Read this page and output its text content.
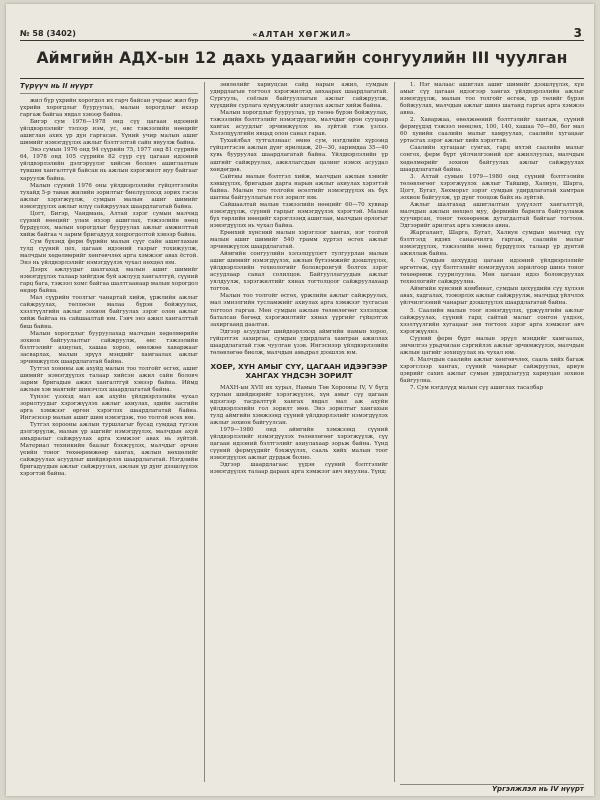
№ 58 (3402)	«АЛТАН ХӨГЖИЛ»	3
Аймгийн АДХ-ын 12 дахь удаагийн сонгуулийн III чуулган
Түрүүч нь II нүүрт

жил бүр үхрийн хорогдол их гарч байсан учраас жил бүр үхрийн хорогдлыг бууруулах, малын хорогдлыг ихээр гаргаж байгаа явдал хэвээр байна.

Бигэр сум 1976—1978 онд сүү цагаан идээний үйлдвэрлэлийг тэлээр нэм, ус, өвс тэжээлийн нөөцийг ашиглан ахих үр дүн гаргасан. Үүний учир малын ашиг шимийг нэмэгдүүлэх ажлыг бэлтгэлтэй сайн явуулж байна.

Энэ сумын 1976 онд 94 сүүрийн 75, 1977 онд 81 сүүрийн 64, 1978 онд 105 сүүрийн 82 сүүр сүү цагаан идээний үйлдвэрлэлийн дэлгэрүүлэг хийсэн боловч ашиглалтын түвшин хангалтгүй байсан нь ажлын хэрэгжилт муу байгааг харуулж байна.

Малын сүүний 1976 оны үйлдвэрлэлийн гүйцэтгэлийн тухайд 5-р таван жилийн зорилтыг биелүүлэхэд зорих гэсэн ажлыг хэрэгжүүлж, сумдын малын ашиг шимийг нэмэгдүүлэх ажлыг илүү сайжруулах шаардлагатай байна.

Цогт, Бигэр, Чандмань, Алтай зэрэг сумын малчид сүүний нөөцийг улам ихээр ашиглах, тэжээлийн нөөц бүрдүүлэх, малын хорогдлыг бууруулах ажлыг амжилттай хийж байгаа ч зарим бригадууд хоцрогдолтой хэвээр байна.

Сум бүхэнд ферм бүрийн малын сүүг сайн ашиглахын тулд сүүний цех, цагаан идээний газрыг тохижуулж, малчдын хөдөлмөрийг хөнгөвчлөх арга хэмжээг авах ёстой. Энэ нь үйлдвэрлэлийг нэмэгдүүлэх чухал нөхцөл юм.

Дээрх ажлуудыг шалгахад малын ашиг шимийг нэмэгдүүлэх талаар хийгдэж буй ажлууд хангалтгүй, сүүний гарц бага, тэжээл хомс байгаа шалтгаанаар малын хорогдол өндөр байна.

Мал сүүрийн тоолгыг чанартай хийж, үржлийн ажлыг сайжруулах, төллөсөн малаа бүрэн бойжуулах, хээлтүүлгийн ажлыг зохион байгуулах зэрэг олон ажлыг хийж байгаа нь сайшаалтай юм. Гэвч энэ ажил хангалттай биш байна.

Малын хорогдлыг бууруулахад малчдын хөдөлмөрийн зохион байгуулалтыг сайжруулж, өвс тэжээлийн бэлтгэлийг ахиулах, хашаа хороо, өвөлжөө хаваржааг засварлах, малын эрүүл мэндийг хамгаалах ажлыг эрчимжүүлэх шаардлагатай байна.

Тутгэл хонины аж ахуйд малын тоо толгойг өсгөх, ашиг шимийг нэмэгдүүлэх талаар хийсэн ажил сайн боловч зарим бригадын ажил хангалтгүй хэвээр байна. Иймд ажлын хэв маягийг шинэчлэх шаардлагатай байна.

Үүнээс үзэхэд мал аж ахуйн үйлдвэрлэлийн чухал зорилтуудыг хэрэгжүүлэх ажлыг ахиулах, эдийн засгийн арга хэмжээг өргөн хэрэглэх шаардлагатай байна. Ингэснээр малын ашиг шим нэмэгдэж, тоо толгой өсөх юм.

Тутгэл хорооны ажлын туршлагыг бусад сумдад түгээн дэлгэрүүлж, малын үр ашгийг нэмэгдүүлэх, малчдын ахуй амьдралыг сайжруулах арга хэмжээг авах нь зүйтэй. Материал техникийн баазыг бэхжүүлэх, малчдыг орчин үеийн тоног төхөөрөмжөөр хангах, ажлын нөхцөлийг сайжруулах асуудлыг шийдвэрлэх шаардлагатай. Нэгдлийн бригадуудын ажлыг сайжруулах, ажлын үр дүнг дээшлүүлэх хэрэгтэй байна.

зөвлөлийг хариуцсан сайд нарын ажил, сумдын удирдлагын тогтоол хэрэгжилтэд анхаарах шаардлагатай. Сургууль, соёлын байгууллагын ажлыг сайжруулж, хүүхдийн сурлага хүмүүжлийг ахиулах ажлыг хийж байна.

Малын хорогдлыг бууруулах, үр төлөө бүрэн бойжуулах, тэжээлийн бэлтгэлийг нэмэгдүүлэх, малчдыг орон сууцаар хангах асуудлыг эрчимжүүлэх нь зүйтэй гэж үзлээ. Хэлэлцүүлгийн явцад олон санал гарав.

Тухайлбал тутгалзнаас өмнө сум, нэгдлийн хүрээнд гүйцэтгэсэн ажлын дүнг ярилцаж, 20—30, заримдаа 35—40 хувь бууруулах шаардлагатай байна. Үйлдвэрлэлийн үр ашгийг сайжруулах, ажиллагсдын цалинг нэмэх асуудал хөндөгдөв.

Сайтны малын бэлтгэл хийж, малчдын ажлын хэвийг хэвшүүлэх, бригадын дарга нарын ажлыг ахиулах хэрэгтэй байна. Малын тоо толгойн өсөлтийг нэмэгдүүлэх нь бүх шатны байгууллагын гол зорилт юм.

Сайшаалтай малын тэжээлийн нөөцийг 60—70 хувиар нэмэгдүүлж, сүүний гарцыг нэмэгдүүлэх хэрэгтэй. Малын бүх төрлийн нөөцийг хэрэглээнд ашиглан, малчдын орлогыг нэмэгдүүлэх нь чухал байна.

Ерөнхий хүнсний малын хэрэглээг хангах, нэг толгой малын ашиг шимийг 540 грамм хүртэл өсгөх ажлыг эрчимжүүлэх шаардлагатай.

Аймгийн сонгуулийн хэлэлцүүлэгт тулгуурлан малын ашиг шимийг нэмэгдүүлэх, ажлын бүтээмжийг дээшлүүлэх, үйлдвэрлэлийн технологийг боловсронгуй болгох зэрэг асуудлаар санал солилцов. Байгууллагуудын ажлыг уялдуулж, хэрэгжилтийг хянах тогтолцоог сайжруулахаар тогтов.

Малын тоо толгойг өсгөх, үржлийн ажлыг сайжруулах, мал эмнэлгийн тусламжийг ахиулах арга хэмжээг тусгасан тогтоол гаргав. Мөн сумдын ажлын төлөвлөгөөг хэлэлцэж баталсан бөгөөд хэрэгжилтийг хянах үүргийг гүйцэтгэх захиргаанд даалгав.

Эдгээр асуудлыг шийдвэрлэхэд аймгийн намын хороо, гүйцэтгэх захиргаа, сумдын удирдлага хамтран ажиллах шаардлагатай гэж чуулган үзэв. Ингэснээр үйлдвэрлэлийн төлөвлөгөө биелж, малчдын амьдрал дээшлэх юм.

ХОЕР, ХҮН АМЫГ СҮҮ, ЦАГААН ИДЭЭГЭЭР ХАНГАХ ҮНДСЭН ЗОРИЛТ

МАХН-ын XVII их хурал, Намын Төв Хорооны IV, V бүгд хурлын шийдвэрийг хэрэгжүүлэх, хүн амыг сүү цагаан идээгээр тасралтгүй хангах явдал мал аж ахуйн үйлдвэрлэлийн гол зорилт мөн. Энэ зорилтыг хангахын тулд аймгийн хэмжээнд сүүний үйлдвэрлэлийг нэмэгдүүлэх ажлыг зохион байгуулсан.

1979—1980 онд аймгийн хэмжээнд сүүний үйлдвэрлэлийг нэмэгдүүлэх төлөвлөгөөг хэрэгжүүлж, сүү цагаан идээний бэлтгэлийг ахиулахаар зорьж байна. Үүнд сүүний фермүүдийг бэхжүүлэх, сааль хийх малын тоог нэмэгдүүлэх ажлыг дурдаж болно.

Эдгээр шаардлагаас үүдэн сүүний бэлтгэлийг нэмэгдүүлэх талаар дараах арга хэмжээг авч явуулна. Үүнд:

1. Нэг малаас ашиглах ашиг шимийг дээшлүүлэх, хүн амыг сүү цагаан идээгээр хангах үйлдвэрлэлийн ажлыг нэмэгдүүлж, малын тоо толгойг өсгөж, үр төлийг бүрэн бойжуулах, малчдын ажлыг шинэ шатанд гаргах арга хэмжээ авна.

2. Хаваржаа, өвөлжөөний бэлтгэлийг хангаж, сүүний фермүүдэд тэжээл нөөцлөх, 100, 140, хашаа 70—80, бог мал 60 хувийн саалийн малыг хамруулах, саалийн хугацааг уртасгах зэрэг ажлыг хийх хэрэгтэй.

Саалийн хугацааг сунгах, гарц ихтэй саалийн малыг сонгох, ферм бүрт үйлчилгээний цэг ажиллуулах, малчдын хөдөлмөрийг зохион байгуулах ажлыг сайжруулах шаардлагатай байна.

3. Алтай сумын 1979—1980 онд сүүний бэлтгэлийн төлөвлөгөөг хэрэгжүүлэх ажлыг Тайшир, Халиун, Шарга, Цогт, Бугат, Хөхморьт зэрэг сумдын удирдлагатай хамтран зохион байгуулж, үр дүнг тооцож байх нь зүйтэй.

Ажлыг шалгахад ашиглалтын үзүүлэлт хангалтгүй, малчдын ажлын нөхцөл муу, фермийн барилга байгууламж хуучирсан, тоног төхөөрөмж дутагдалтай байгааг тогтоов. Эдгээрийг арилгах арга хэмжээ авна.

Жаргалант, Шарга, Бугат, Халиун сумдын малчид сүү бэлтгэлд идэвх санаачилга гаргаж, саалийн малыг нэмэгдүүлэх, тэжээлийн нөөц бүрдүүлэх талаар үр дүнтэй ажиллаж байна.

4. Сумдын цехүүдэд цагаан идээний үйлдвэрлэлийг өргөтгөж, сүү бэлтгэлийг нэмэгдүүлэх зорилгоор шинэ тоног төхөөрөмж суурилуулна. Мөн цагаан идээ боловсруулах технологийг сайжруулна.

Аймгийн хүнсний комбинат, сумдын цехүүдийн сүү хүлээн авах, хадгалах, тээвэрлэх ажлыг сайжруулж, малчдад үйлчлэх үйлчилгээний чанарыг дээшлүүлэх шаардлагатай байна.

5. Саалийн малын тоог нэмэгдүүлэх, үржүүлгийн ажлыг сайжруулах, сүүний гарц сайтай малыг сонгон үлдээх, хээлтүүлгийн хугацааг зөв тогтоох зэрэг арга хэмжээг авч хэрэгжүүлнэ.

Сүүний ферм бүрт малын эрүүл мэндийг хамгаалах, эмчилгээ урьдчилан сэргийлэх ажлыг эрчимжүүлэх, малчдын ажлын цагийг зохицуулах нь чухал юм.

6. Малчдын саалийн ажлыг хөнгөвчлөх, сааль хийх багаж хэрэгслээр хангах, сүүний чанарыг сайжруулах, ариун цэврийг сахих ажлыг сумын удирдлагууд хариуцан зохион байгуулна.

7. Сум нэгдлүүд малын сүү ашиглах тасалбар

Үргэлжлэл нь IV нүүрт
